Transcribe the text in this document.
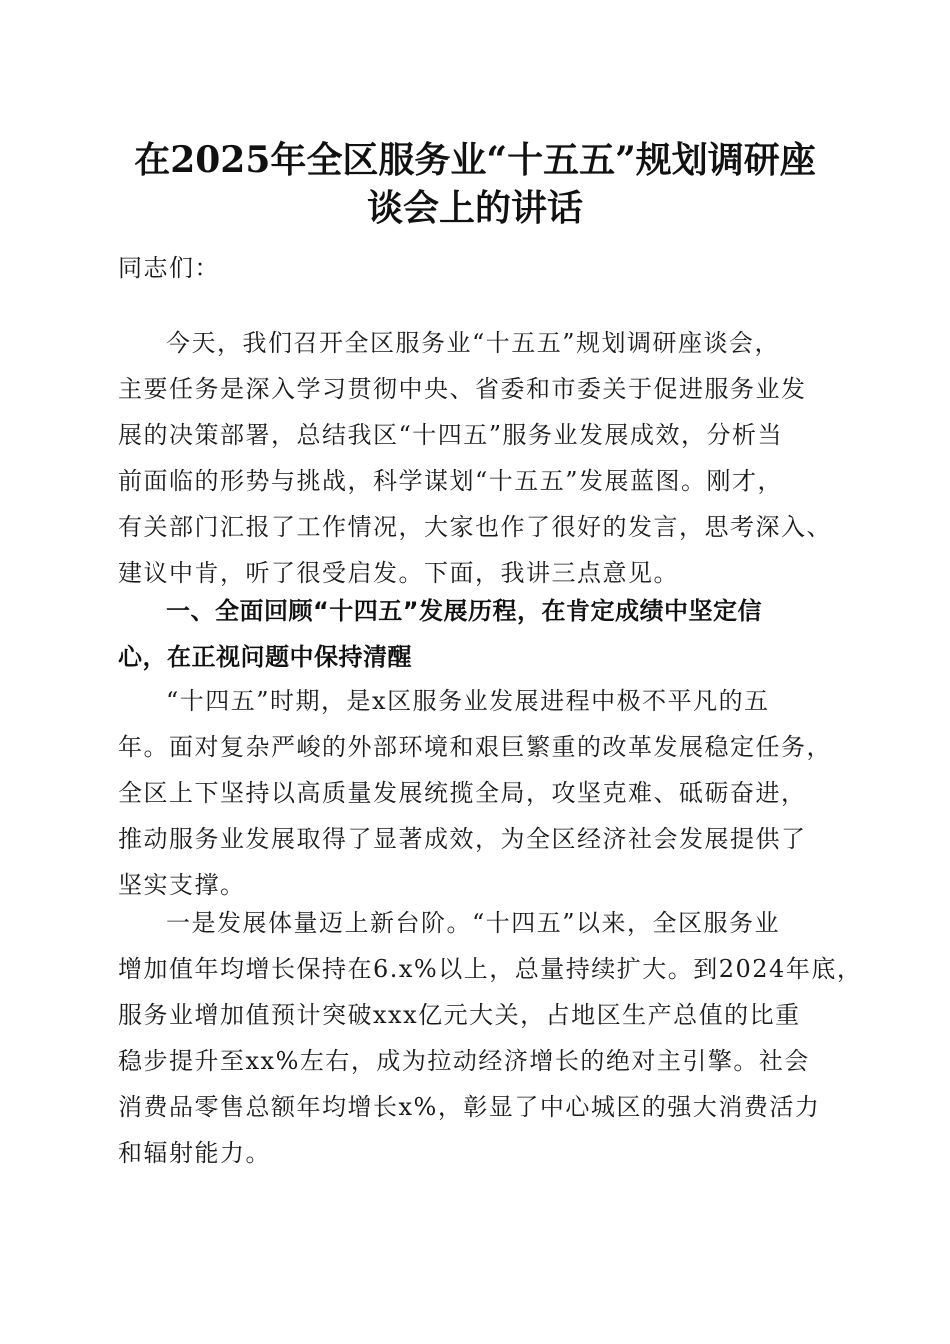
在2025年全区服务业“十五五”规划调研座
谈会上的讲话
同志们：
今天，我们召开全区服务业“十五五”规划调研座谈会，
主要任务是深入学习贯彻中央、省委和市委关于促进服务业发
展的决策部署，总结我区“十四五”服务业发展成效，分析当
前面临的形势与挑战，科学谋划“十五五”发展蓝图。刚才，
有关部门汇报了工作情况，大家也作了很好的发言，思考深入、
建议中肯，听了很受启发。下面，我讲三点意见。
一、全面回顾“十四五”发展历程，在肯定成绩中坚定信
心，在正视问题中保持清醒
“十四五”时期，是x区服务业发展进程中极不平凡的五
年。面对复杂严峻的外部环境和艰巨繁重的改革发展稳定任务，
全区上下坚持以高质量发展统揽全局，攻坚克难、砥砺奋进，
推动服务业发展取得了显著成效，为全区经济社会发展提供了
坚实支撑。
一是发展体量迈上新台阶。“十四五”以来，全区服务业
增加值年均增长保持在6.x%以上，总量持续扩大。到2024年底，
服务业增加值预计突破xxx亿元大关，占地区生产总值的比重
稳步提升至xx%左右，成为拉动经济增长的绝对主引擎。社会
消费品零售总额年均增长x%，彰显了中心城区的强大消费活力
和辐射能力。
